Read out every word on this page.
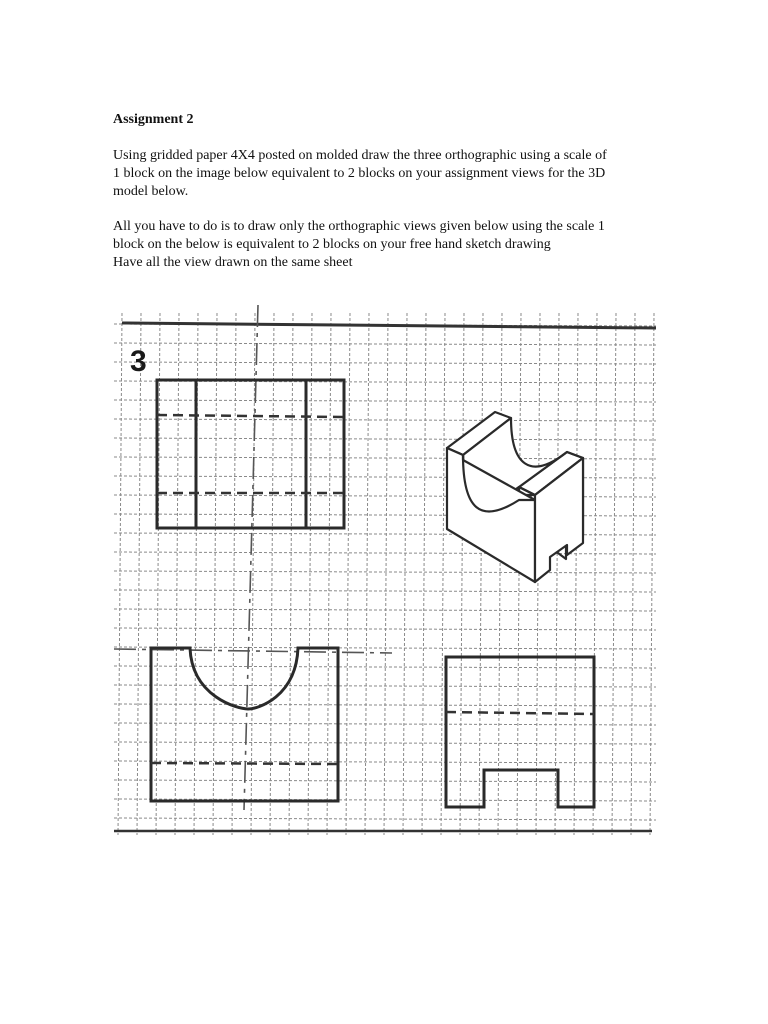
Assignment 2

Using gridded paper 4X4 posted on molded draw the three orthographic using a scale of
1 block on the image below equivalent to 2 blocks on your assignment views for the 3D
model below.

All you have to do is to draw only the orthographic views given below using the scale 1
block on the below is equivalent to 2 blocks on your free hand sketch drawing
Have all the view drawn on the same sheet

3
